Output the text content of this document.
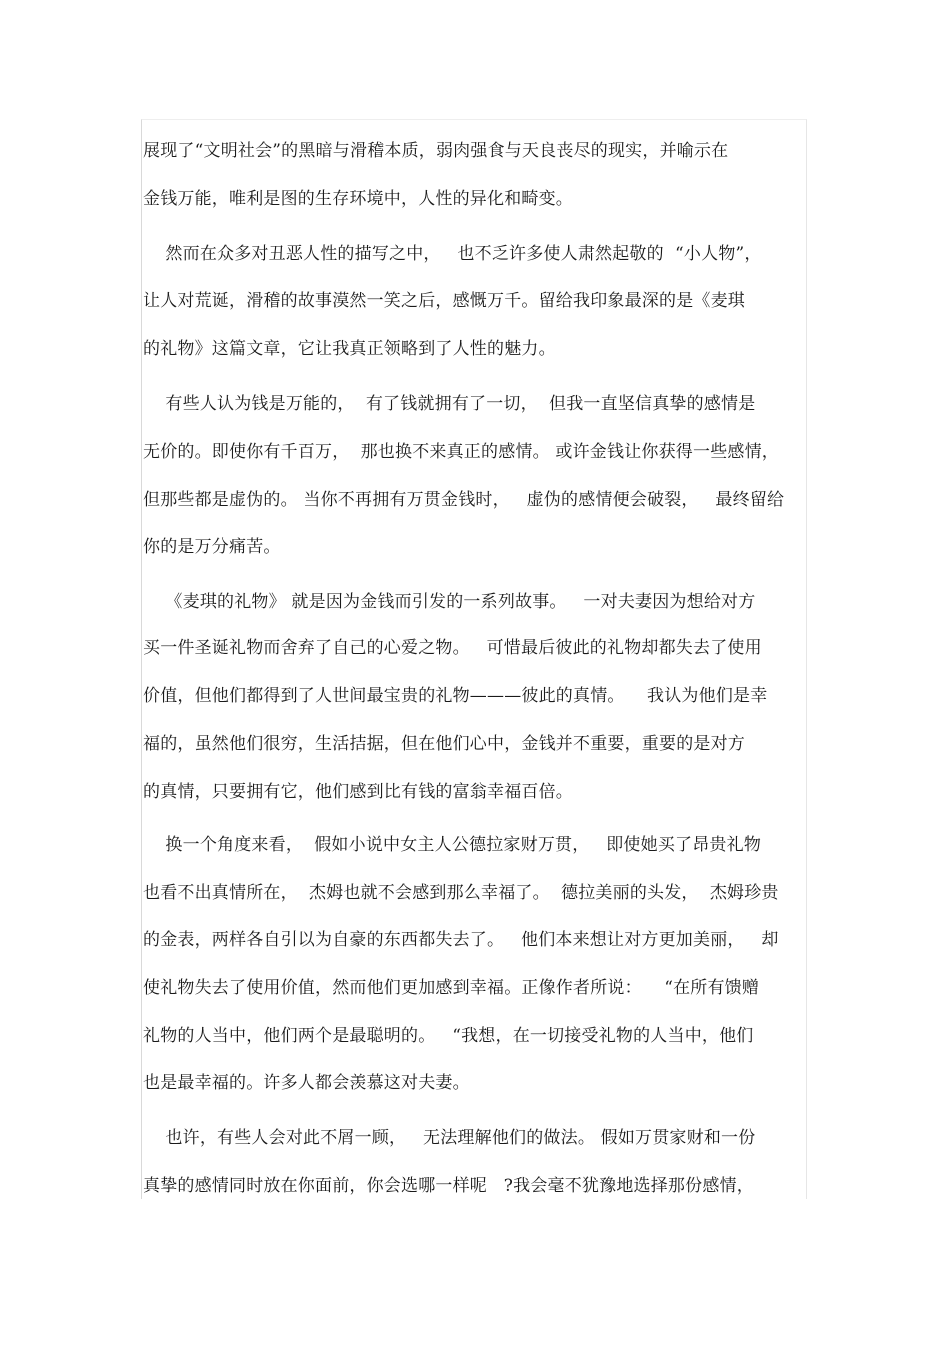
展现了“文明社会”的黑暗与滑稽本质，弱肉强食与天良丧尽的现实，并喻示在
金钱万能，唯利是图的生存环境中，人性的异化和畸变。
然而在众多对丑恶人性的描写之中，   也不乏许多使人肃然起敬的  “小人物”，
让人对荒诞，滑稽的故事漠然一笑之后，感慨万千。留给我印象最深的是《麦琪
的礼物》这篇文章，它让我真正领略到了人性的魅力。
有些人认为钱是万能的，  有了钱就拥有了一切，  但我一直坚信真挚的感情是
无价的。即使你有千百万，  那也换不来真正的感情。 或许金钱让你获得一些感情，
但那些都是虚伪的。 当你不再拥有万贯金钱时，   虚伪的感情便会破裂，   最终留给
你的是万分痛苦。
《麦琪的礼物》 就是因为金钱而引发的一系列故事。   一对夫妻因为想给对方
买一件圣诞礼物而舍弃了自己的心爱之物。   可惜最后彼此的礼物却都失去了使用
价值，但他们都得到了人世间最宝贵的礼物———彼此的真情。    我认为他们是幸
福的，虽然他们很穷，生活拮据，但在他们心中，金钱并不重要，重要的是对方
的真情，只要拥有它，他们感到比有钱的富翁幸福百倍。
换一个角度来看，  假如小说中女主人公德拉家财万贯，   即使她买了昂贵礼物
也看不出真情所在，  杰姆也就不会感到那么幸福了。  德拉美丽的头发，  杰姆珍贵
的金表，两样各自引以为自豪的东西都失去了。   他们本来想让对方更加美丽，   却
使礼物失去了使用价值，然而他们更加感到幸福。正像作者所说：    “在所有馈赠
礼物的人当中，他们两个是最聪明的。   “我想，在一切接受礼物的人当中，他们
也是最幸福的。许多人都会羡慕这对夫妻。
也许，有些人会对此不屑一顾，   无法理解他们的做法。 假如万贯家财和一份
真挚的感情同时放在你面前，你会选哪一样呢   ?我会毫不犹豫地选择那份感情，
